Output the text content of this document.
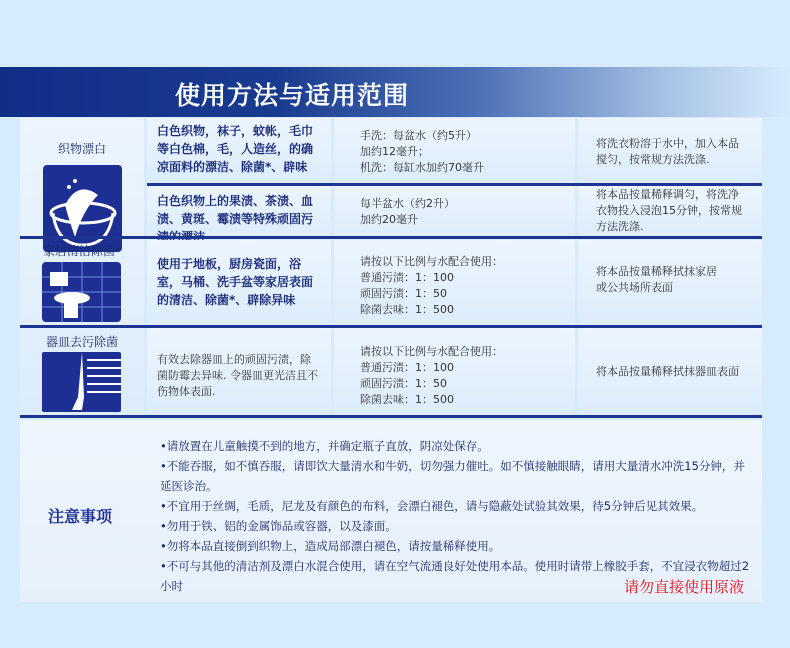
使用方法与适用范围
织物漂白
白色织物，袜子，蚊帐，毛巾等白色棉，毛，人造丝，的确凉面料的漂洁、除菌*、辟味
手洗：每盆水（约5升）
加约12毫升；
机洗：每缸水加约70毫升
将洗衣粉溶于水中，加入本品搅匀，按常规方法洗涤.
白色织物上的果渍、茶渍、血渍、黄斑、霉渍等特殊顽固污
每半盆水（约2升）
加约20毫升
将本品按量稀释调匀，将洗净衣物投入浸泡15分钟，按常规方法洗涤.
家居清洁除菌*
使用于地板，厨房瓷面，浴室，马桶、洗手盆等家居表面的清洁、除菌*、辟除异味
请按以下比例与水配合使用：
普通污渍：1：100
顽固污渍：1：50
除菌去味：1：500
将本品按量稀释拭抹家居
或公共场所表面
器皿去污除菌
有效去除器皿上的顽固污渍，除菌防霉去异味. 令器皿更光洁且不伤物体表面.
请按以下比例与水配合使用：
普通污渍：1：100
顽固污渍：1：50
除菌去味：1：500
将本品按量稀释拭抹器皿表面
注意事项
•请放置在儿童触摸不到的地方，并确定瓶子直放，阴凉处保存。
•不能吞服，如不慎吞服，请即饮大量清水和牛奶，切勿强力催吐。如不慎接触眼睛，请用大量清水冲洗15分钟，并延医诊治。
•不宜用于丝绸，毛质，尼龙及有颜色的布料，会漂白褪色，请与隐蔽处试验其效果，待5分钟后见其效果。
•勿用于铁、铝的金属饰品或容器，以及漆面。
•勿将本品直接倒到织物上，造成局部漂白褪色，请按量稀释使用。
•不可与其他的清洁剂及漂白水混合使用，请在空气流通良好处使用本品。使用时请带上橡胶手套，不宜浸衣物超过2小时	请勿直接使用原液
